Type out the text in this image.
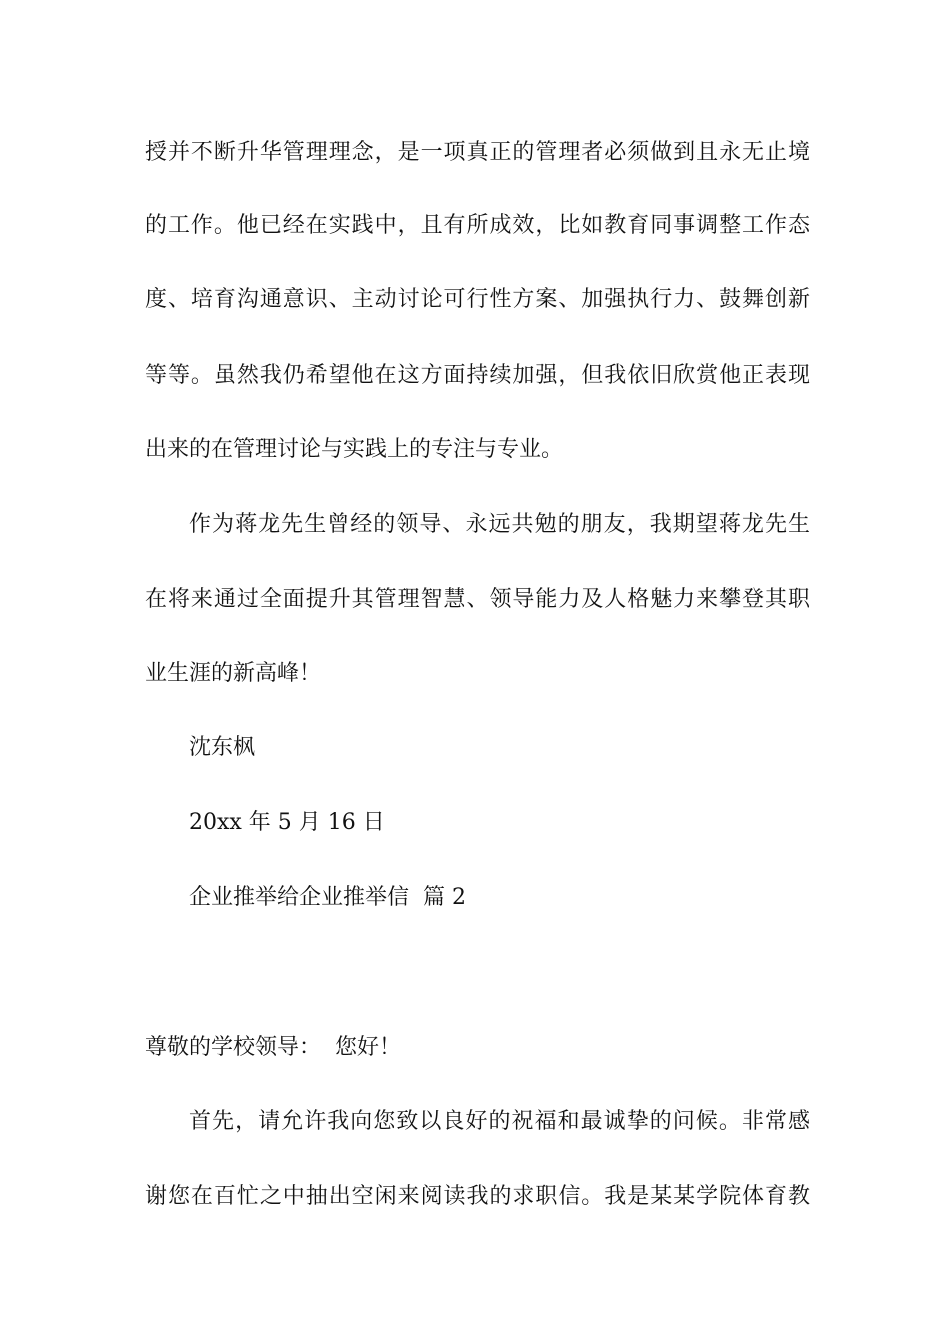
授并不断升华管理理念，是一项真正的管理者必须做到且永无止境
的工作。他已经在实践中，且有所成效，比如教育同事调整工作态
度、培育沟通意识、主动讨论可行性方案、加强执行力、鼓舞创新
等等。虽然我仍希望他在这方面持续加强，但我依旧欣赏他正表现
出来的在管理讨论与实践上的专注与专业。
作为蒋龙先生曾经的领导、永远共勉的朋友，我期望蒋龙先生
在将来通过全面提升其管理智慧、领导能力及人格魅力来攀登其职
业生涯的新高峰！
沈东枫
20xx 年 5 月 16 日
企业推举给企业推举信  篇 2
尊敬的学校领导：  您好！
首先，请允许我向您致以良好的祝福和最诚挚的问候。非常感
谢您在百忙之中抽出空闲来阅读我的求职信。我是某某学院体育教
